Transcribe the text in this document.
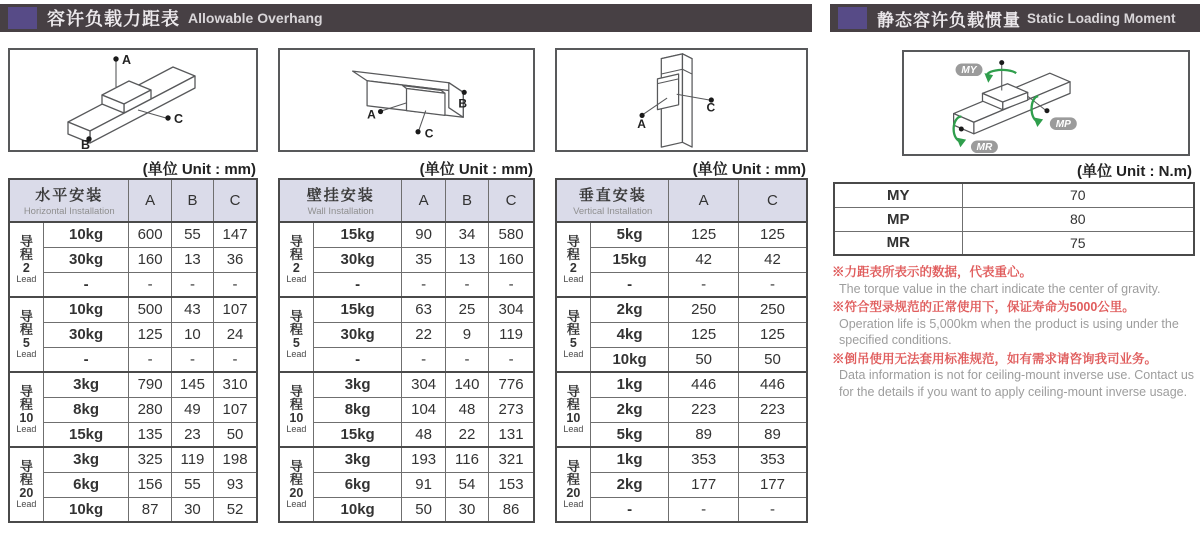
容许负载力距表 Allowable Overhang	静态容许负载惯量 Static Loading Moment
A
C
B
(单位 Unit : mm)
水平安装
Horizontal Installation		A	B	C

导
程
2
Lead	10kg	600	55	147
	30kg	160	13	36
	-	-	-	-

导
程
5
Lead	10kg	500	43	107
	30kg	125	10	24
	-	-	-	-

导
程
10
Lead	3kg	790	145	310
	8kg	280	49	107
	15kg	135	23	50

导
程
20
Lead	3kg	325	119	198
	6kg	156	55	93
	10kg	87	30	52
A
C
B
(单位 Unit : mm)
壁挂安装
Wall Installation		A	B	C

导
程
2
Lead	15kg	90	34	580
	30kg	35	13	160
	-	-	-	-

导
程
5
Lead	15kg	63	25	304
	30kg	22	9	119
	-	-	-	-

导
程
10
Lead	3kg	304	140	776
	8kg	104	48	273
	15kg	48	22	131

导
程
20
Lead	3kg	193	116	321
	6kg	91	54	153
	10kg	50	30	86
A
C
(单位 Unit : mm)
垂直安装
Vertical Installation		A	C

导
程
2
Lead	5kg	125	125
	15kg	42	42
	-	-	-

导
程
5
Lead	2kg	250	250
	4kg	125	125
	10kg	50	50

导
程
10
Lead	1kg	446	446
	2kg	223	223
	5kg	89	89

导
程
20
Lead	1kg	353	353
	2kg	177	177
	-	-	-
MY
MP
MR
(单位 Unit : N.m)
MY	70
MP	80
MR	75
※力距表所表示的数据，代表重心。
The torque value in the chart indicate the center of gravity.
※符合型录规范的正常使用下，保证寿命为5000公里。
Operation life is 5,000km when the product is using under the specified conditions.
※倒吊使用无法套用标准规范，如有需求请咨询我司业务。
Data information is not for ceiling-mount inverse use. Contact us for the details if you want to apply ceiling-mount inverse usage.
